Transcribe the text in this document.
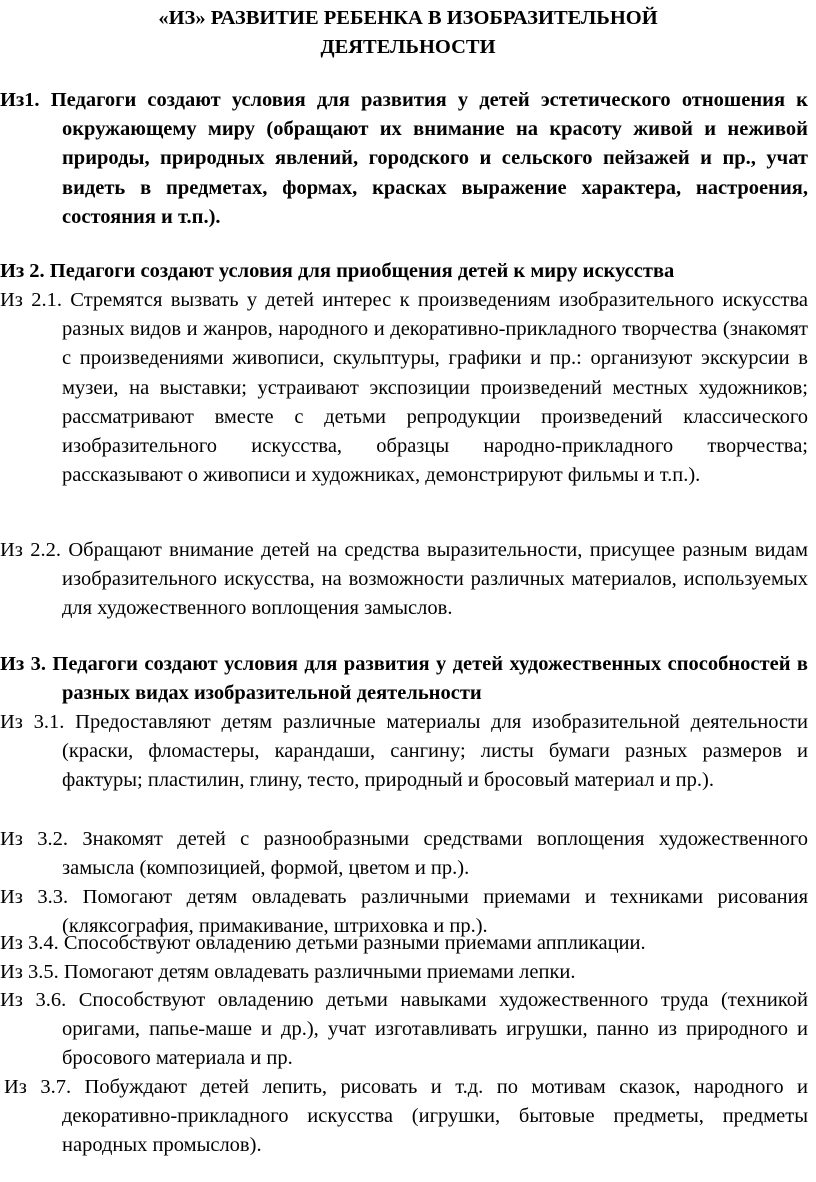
«ИЗ» РАЗВИТИЕ РЕБЕНКА В ИЗОБРАЗИТЕЛЬНОЙ
ДЕЯТЕЛЬНОСТИ
Из1. Педагоги создают условия для развития у детей эстетического отношения к окружающему миру (обращают их внимание на красоту живой и неживой природы, природных явлений, городского и сельского пейзажей и пр., учат видеть в предметах, формах, красках выражение характера, настроения, состояния и т.п.).
Из 2. Педагоги создают условия для приобщения детей к миру искусства
Из 2.1. Стремятся вызвать у детей интерес к произведениям изобразительного искусства разных видов и жанров, народного и декоративно-прикладного творчества (знакомят с произведениями живописи, скульптуры, графики и пр.: организуют экскурсии в музеи, на выставки; устраивают экспозиции произведений местных художников; рассматривают вместе с детьми репродукции произведений классического изобразительного искусства, образцы народно-прикладного творчества; рассказывают о живописи и художниках, демонстрируют фильмы и т.п.).
Из 2.2. Обращают внимание детей на средства выразительности, присущее разным видам изобразительного искусства, на возможности различных материалов, используемых для художественного воплощения замыслов.
Из 3. Педагоги создают условия для развития у детей художественных способностей в разных видах изобразительной деятельности
Из 3.1. Предоставляют детям различные материалы для изобразительной деятельности (краски, фломастеры, карандаши, сангину; листы бумаги разных размеров и фактуры; пластилин, глину, тесто, природный и бросовый материал и пр.).
Из 3.2. Знакомят детей с разнообразными средствами воплощения художественного замысла (композицией, формой, цветом и пр.).
Из 3.3. Помогают детям овладевать различными приемами и техниками рисования (кляксография, примакивание, штриховка и пр.).
Из 3.4. Способствуют овладению детьми разными приемами аппликации.
Из 3.5. Помогают детям овладевать различными приемами лепки.
Из 3.6. Способствуют овладению детьми навыками художественного труда (техникой оригами, папье-маше и др.), учат изготавливать игрушки, панно из природного и бросового материала и пр.
Из 3.7. Побуждают детей лепить, рисовать и т.д. по мотивам сказок, народного и декоративно-прикладного искусства (игрушки, бытовые предметы, предметы народных промыслов).
